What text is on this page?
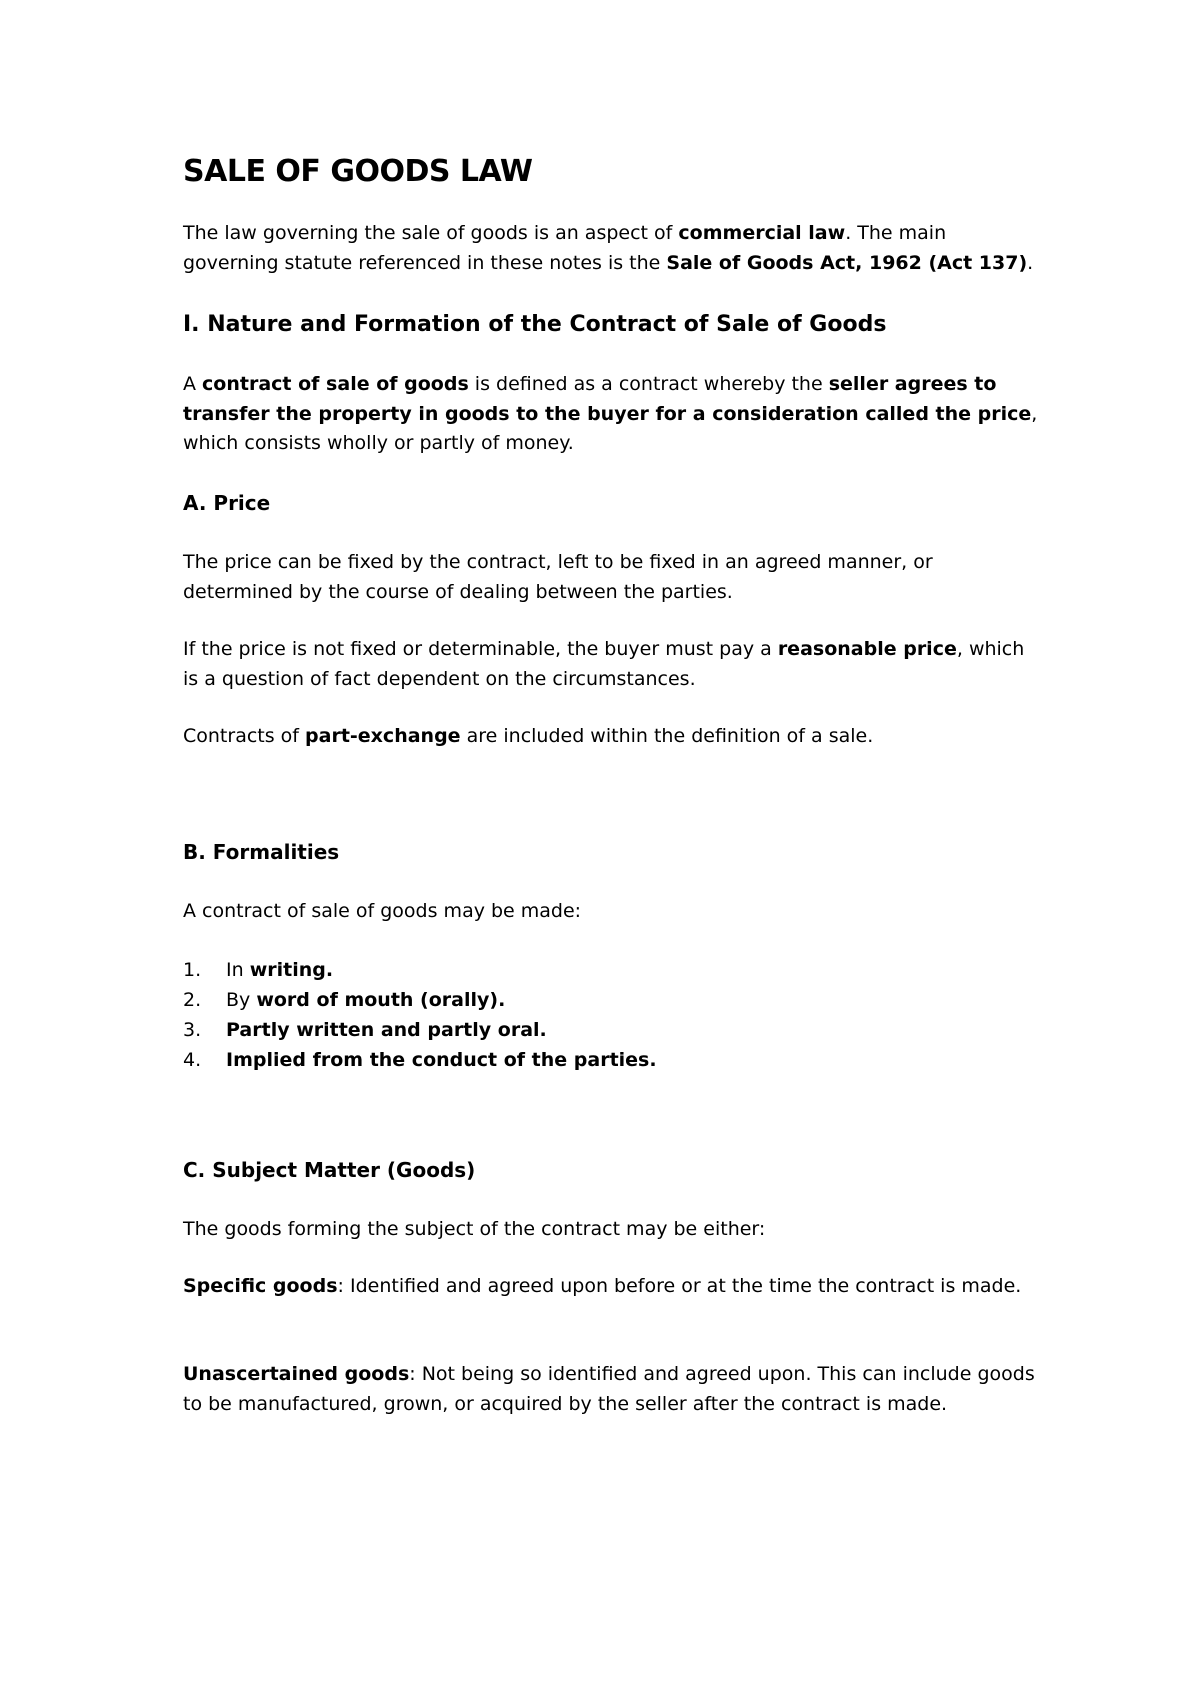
SALE OF GOODS LAW

The law governing the sale of goods is an aspect of commercial law. The main governing statute referenced in these notes is the Sale of Goods Act, 1962 (Act 137).

I. Nature and Formation of the Contract of Sale of Goods

A contract of sale of goods is defined as a contract whereby the seller agrees to transfer the property in goods to the buyer for a consideration called the price, which consists wholly or partly of money.

A. Price

The price can be fixed by the contract, left to be fixed in an agreed manner, or determined by the course of dealing between the parties.

If the price is not fixed or determinable, the buyer must pay a reasonable price, which is a question of fact dependent on the circumstances.

Contracts of part-exchange are included within the definition of a sale.

B. Formalities

A contract of sale of goods may be made:

1.	In writing.
2.	By word of mouth (orally).
3.	Partly written and partly oral.
4.	Implied from the conduct of the parties.
C. Subject Matter (Goods)

The goods forming the subject of the contract may be either:

Specific goods: Identified and agreed upon before or at the time the contract is made.

Unascertained goods: Not being so identified and agreed upon. This can include goods to be manufactured, grown, or acquired by the seller after the contract is made.
